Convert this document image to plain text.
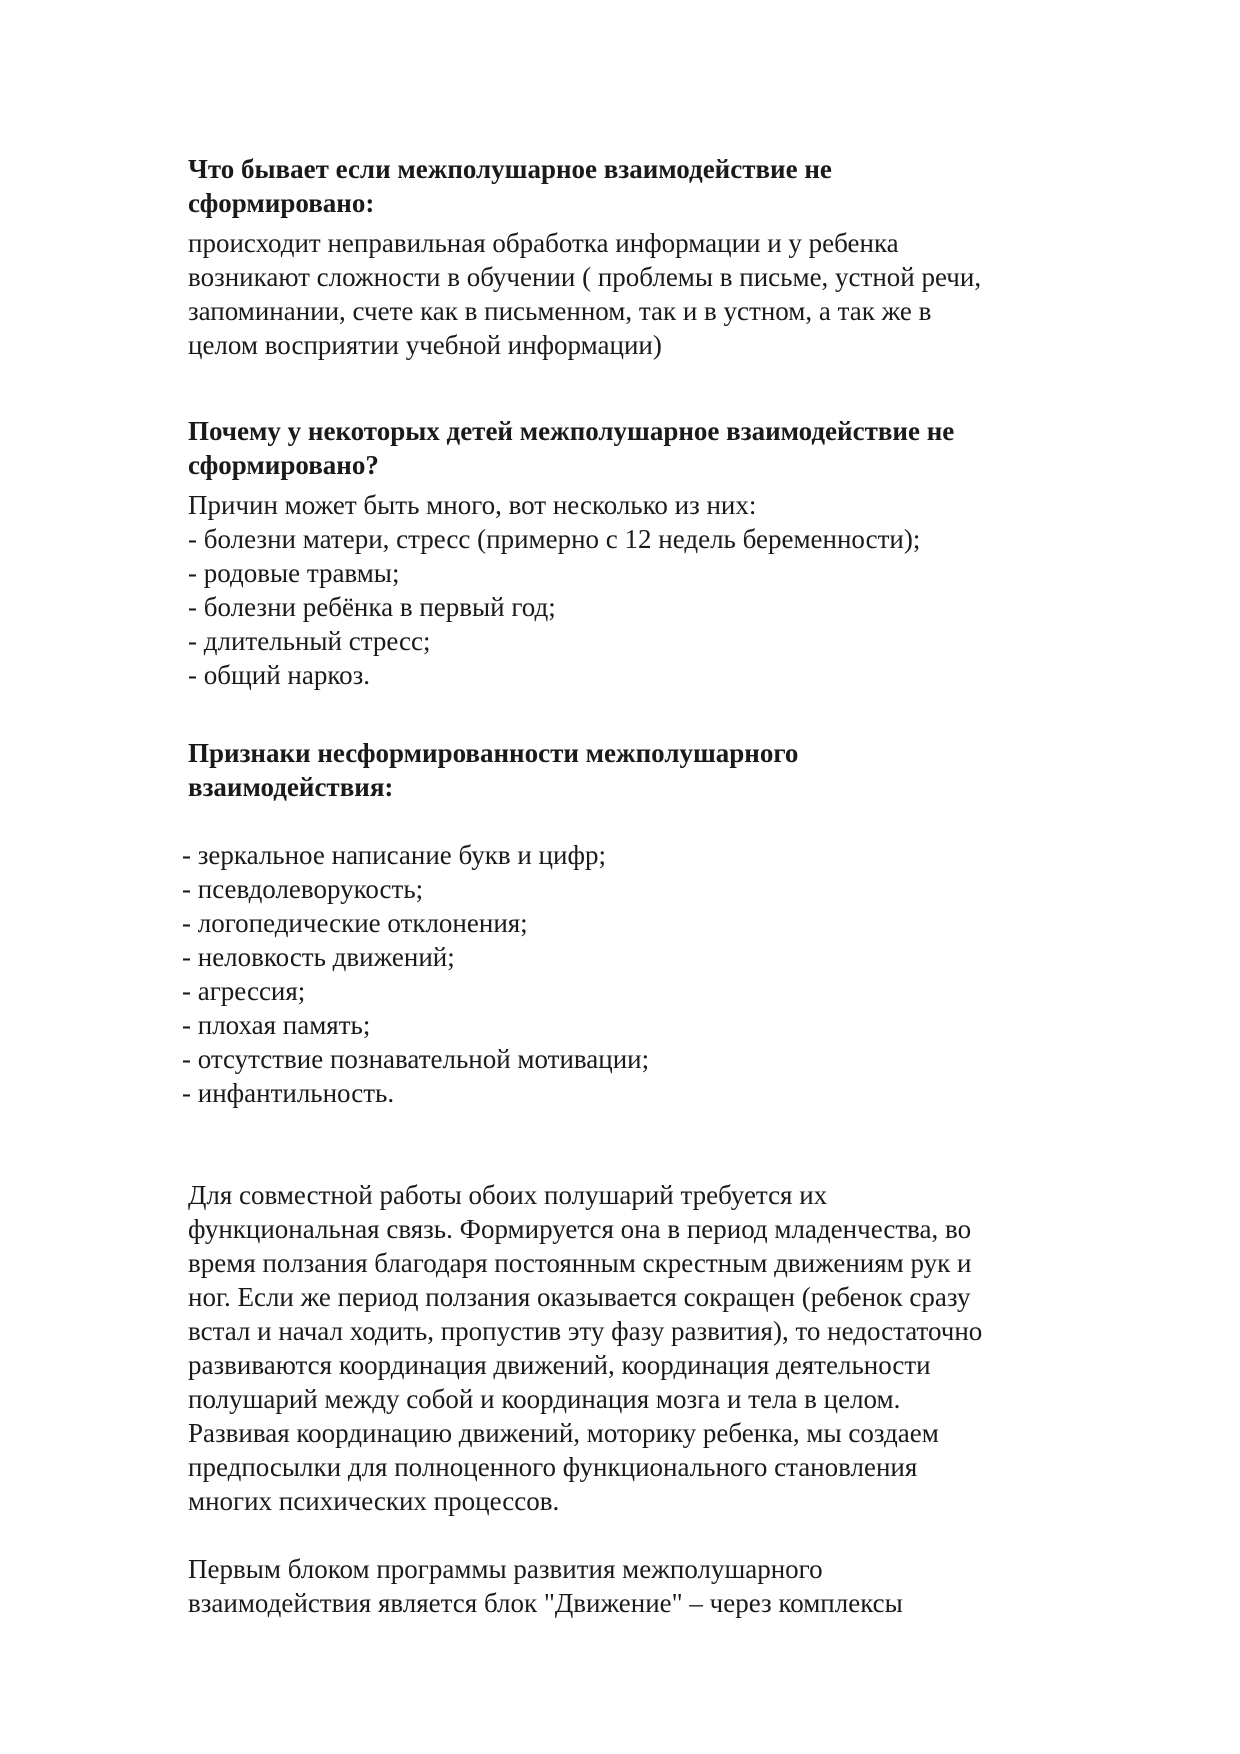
Что бывает если межполушарное взаимодействие не
сформировано:

происходит неправильная обработка информации и у ребенка
возникают сложности в обучении ( проблемы в письме, устной речи,
запоминании, счете как в письменном, так и в устном, а так же в
целом восприятии учебной информации)

Почему у некоторых детей межполушарное взаимодействие не
сформировано?

Причин может быть много, вот несколько из них:

- болезни матери, стресс (примерно с 12 недель беременности);
- родовые травмы;
- болезни ребёнка в первый год;
- длительный стресс;
- общий наркоз.
Признаки несформированности межполушарного
взаимодействия:
- зеркальное написание букв и цифр;
- псевдолеворукость;
- логопедические отклонения;
- неловкость движений;
- агрессия;
- плохая память;
- отсутствие познавательной мотивации;
- инфантильность.

Для совместной работы обоих полушарий требуется их
функциональная связь. Формируется она в период младенчества, во
время ползания благодаря постоянным скрестным движениям рук и
ног. Если же период ползания оказывается сокращен (ребенок сразу
встал и начал ходить, пропустив эту фазу развития), то недостаточно
развиваются координация движений, координация деятельности
полушарий между собой и координация мозга и тела в целом.
Развивая координацию движений, моторику ребенка, мы создаем
предпосылки для полноценного функционального становления
многих психических процессов.

Первым блоком программы развития межполушарного
взаимодействия является блок "Движение" – через комплексы
